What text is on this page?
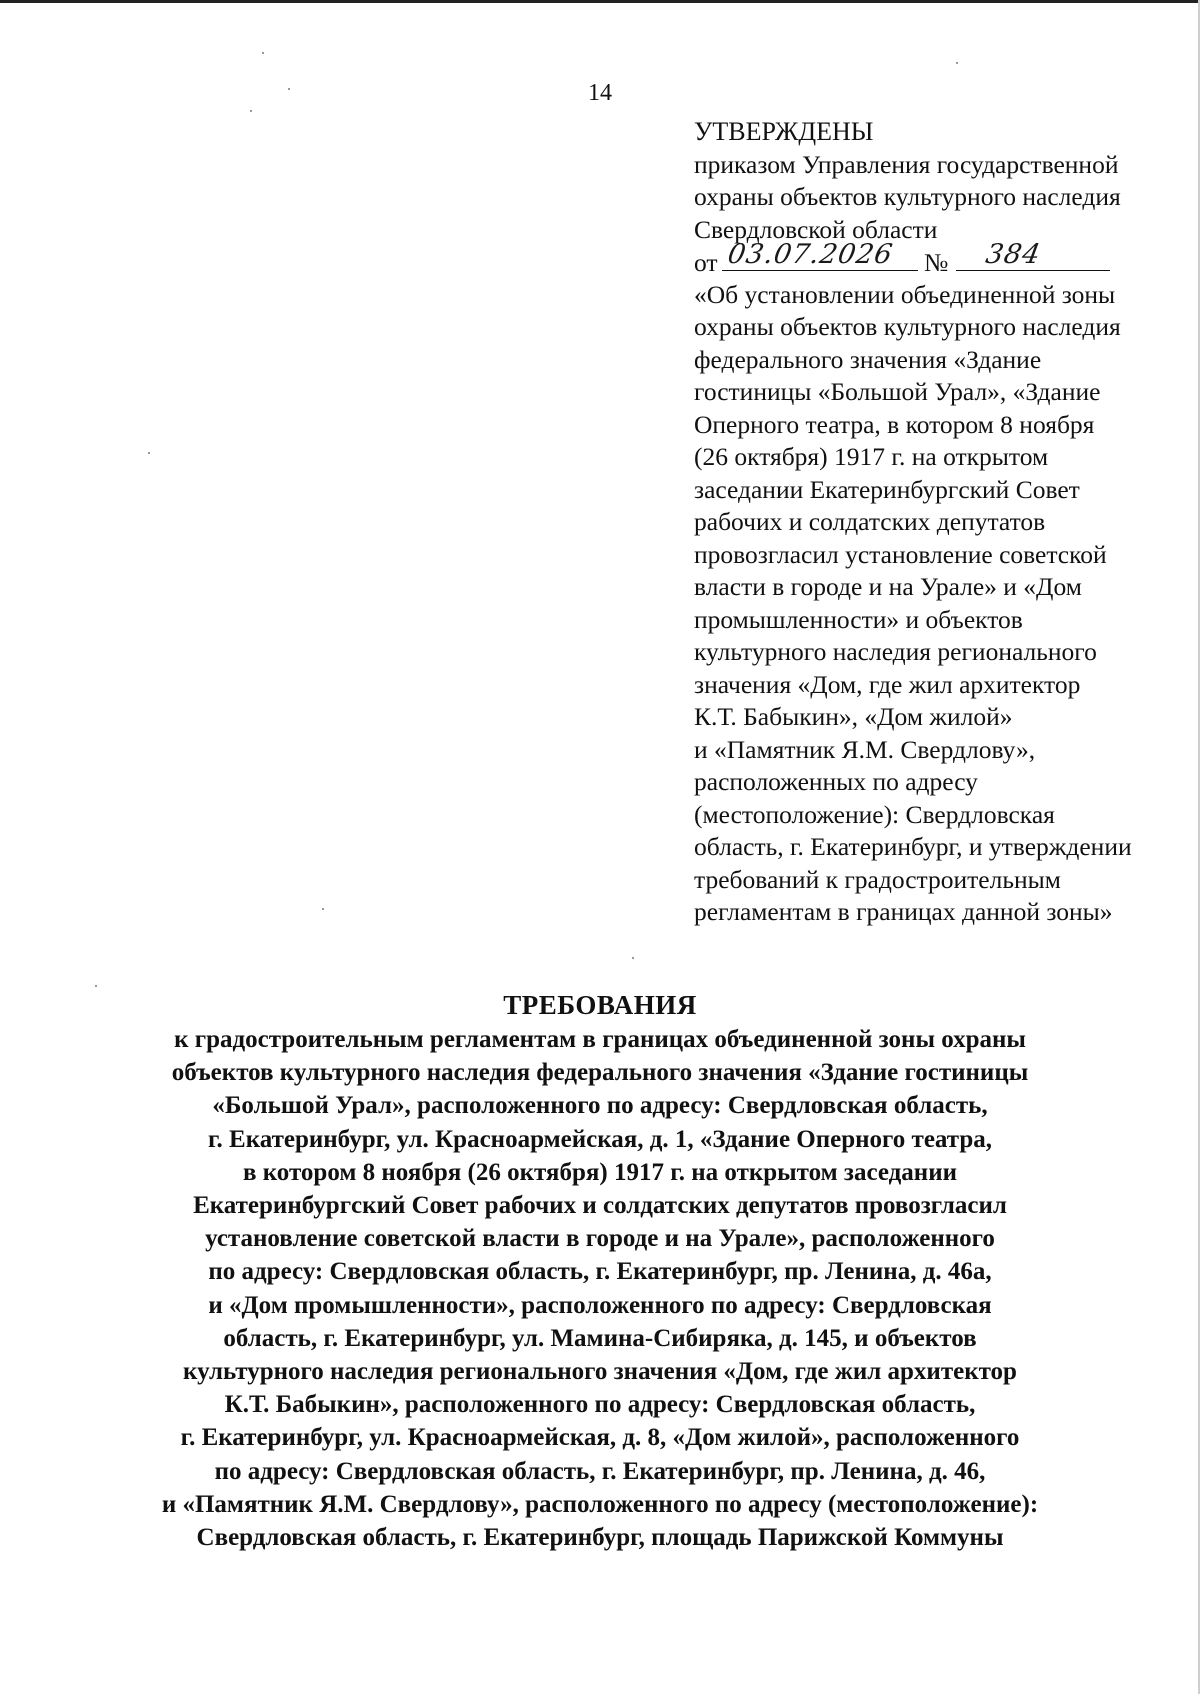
14
УТВЕРЖДЕНЫ
приказом Управления государственной
охраны объектов культурного наследия
Свердловской области
от 03.07.2026 № 384
«Об установлении объединенной зоны
охраны объектов культурного наследия
федерального значения «Здание
гостиницы «Большой Урал», «Здание
Оперного театра, в котором 8 ноября
(26 октября) 1917 г. на открытом
заседании Екатеринбургский Совет
рабочих и солдатских депутатов
провозгласил установление советской
власти в городе и на Урале» и «Дом
промышленности» и объектов
культурного наследия регионального
значения «Дом, где жил архитектор
К.Т. Бабыкин», «Дом жилой»
и «Памятник Я.М. Свердлову»,
расположенных по адресу
(местоположение): Свердловская
область, г. Екатеринбург, и утверждении
требований к градостроительным
регламентам в границах данной зоны»
ТРЕБОВАНИЯ
к градостроительным регламентам в границах объединенной зоны охраны
объектов культурного наследия федерального значения «Здание гостиницы
«Большой Урал», расположенного по адресу: Свердловская область,
г. Екатеринбург, ул. Красноармейская, д. 1, «Здание Оперного театра,
в котором 8 ноября (26 октября) 1917 г. на открытом заседании
Екатеринбургский Совет рабочих и солдатских депутатов провозгласил
установление советской власти в городе и на Урале», расположенного
по адресу: Свердловская область, г. Екатеринбург, пр. Ленина, д. 46а,
и «Дом промышленности», расположенного по адресу: Свердловская
область, г. Екатеринбург, ул. Мамина-Сибиряка, д. 145, и объектов
культурного наследия регионального значения «Дом, где жил архитектор
К.Т. Бабыкин», расположенного по адресу: Свердловская область,
г. Екатеринбург, ул. Красноармейская, д. 8, «Дом жилой», расположенного
по адресу: Свердловская область, г. Екатеринбург, пр. Ленина, д. 46,
и «Памятник Я.М. Свердлову», расположенного по адресу (местоположение):
Свердловская область, г. Екатеринбург, площадь Парижской Коммуны
